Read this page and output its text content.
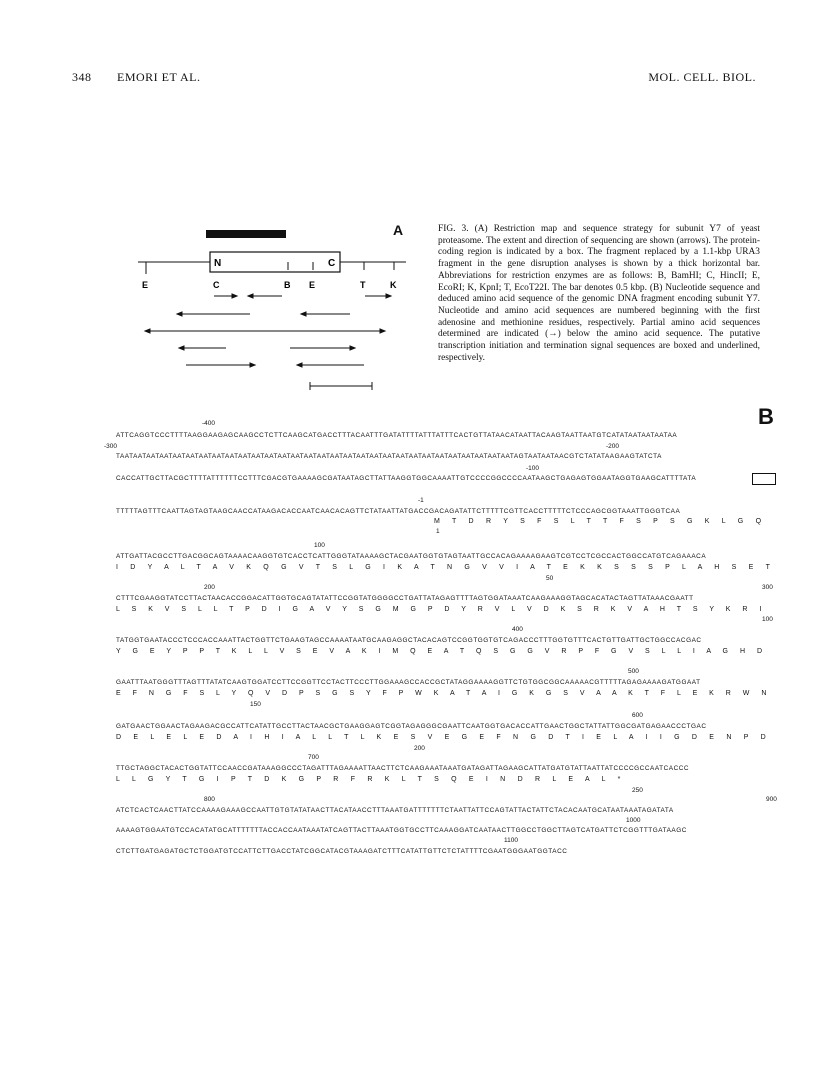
348 EMORI ET AL.	MOL. CELL. BIOL.
N	C
E	C	B E	T	K
A	FIG. 3. (A) Restriction map and sequence strategy for subunit Y7 of yeast proteasome. The extent and direction of sequencing are shown (arrows). The protein-coding region is indicated by a box. The fragment replaced by a 1.1-kbp URA3 fragment in the gene disruption analyses is shown by a thick horizontal bar. Abbreviations for restriction enzymes are as follows: B, BamHI; C, HincII; E, EcoRI; K, KpnI; T, EcoT22I. The bar denotes 0.5 kbp. (B) Nucleotide sequence and deduced amino acid sequence of the genomic DNA fragment encoding subunit Y7. Nucleotide and amino acid sequences are numbered beginning with the first adenosine and methionine residues, respectively. Partial amino acid sequences determined are indicated (→) below the amino acid sequence. The putative transcription initiation and termination signal sequences are boxed and underlined, respectively.
B
-400
ATTCAGGTCCCTTTTAAGGAAGAGCAAGCCTCTTCAAGCATGACCTTTACAATTTGATATTTTATTTATTTCACTGTTATAACATAATTACAAGTAATTAATGTCATATAATAATAATAA
-300	-200
TAATAATAATAATAATAATAATAATAATAATAATAATAATAATAATAATAATAATAATAATAATAATAATAATAATAATAATAATAATAATAGTAATAATAACGTCTATATAAGAAGTATCTA
-100
CACCATTGCTTACGCTTTTATTTTTTCCTTTCGACGTGAAAAGCGATAATAGCTTATTAAGGTGGCAAAATTGTCCCCGGCCCCAATAAGCTGAGAGTGGAATAGGTGAAGCATTTTATA
-1
TTTTTAGTTTCAATTAGTAGTAAGCAACCATAAGACACCAATCAACACAGTTCTATAATTATGACCGACAGATATTCTTTTTCGTTCACCTTTTTCTCCCAGCGGTAAATTGGGTCAA
M T D R Y S F S L T T F S P S G K L G Q
1
100
ATTGATTACGCCTTGACGGCAGTAAAACAAGGTGTCACCTCATTGGGTATAAAAGCTACGAATGGTGTAGTAATTGCCACAGAAAAGAAGTCGTCCTCGCCACTGGCCATGTCAGAAACA
I D Y A L T A V K Q G V T S L G I K A T N G V V I A T E K K S S S P L A H S E T
50
200	300
CTTTCGAAGGTATCCTTACTAACACCGGACATTGGTGCAGTATATTCCGGTATGGGGCCTGATTATAGAGTTTTAGTGGATAAATCAAGAAAGGTAGCACATACTAGTTATAAACGAATT
L S K V S L L T P D I G A V Y S G M G P D Y R V L V D K S R K V A H T S Y K R I
100
400
TATGGTGAATACCCTCCCACCAAATTACTGGTTCTGAAGTAGCCAAAATAATGCAAGAGGCTACACAGTCCGGTGGTGTCAGACCCTTTGGTGTTTCACTGTTGATTGCTGGCCACGAC
Y G E Y P P T K L L V S E V A K I M Q E A T Q S G G V R P F G V S L L I A G H D
500
GAATTTAATGGGTTTAGTTTATATCAAGTGGATCCTTCCGGTTCCTACTTCCCTTGGAAAGCCACCGCTATAGGAAAAGGTTCTGTGGCGGCAAAAACGTTTTTAGAGAAAAGATGGAAT
E F N G F S L Y Q V D P S G S Y F P W K A T A I G K G S V A A K T F L E K R W N
150
600
GATGAACTGGAACTAGAAGACGCCATTCATATTGCCTTACTAACGCTGAAGGAGTCGGTAGAGGGCGAATTCAATGGTGACACCATTGAACTGGCTATTATTGGCGATGAGAACCCTGAC
D E L E L E D A I H I A L L T L K E S V E G E F N G D T I E L A I I G D E N P D
200
700
TTGCTAGGCTACACTGGTATTCCAACCGATAAAGGCCCTAGATTTAGAAAATTAACTTCTCAAGAAATAAATGATAGATTAGAAGCATTATGATGTATTAATTATCCCCGCCAATCACCC
L L G Y T G I P T D K G P R F R K L T S Q E I N D R L E A L *
250
800	900
ATCTCACTCAACTTATCCAAAAGAAAGCCAATTGTGTATATAACTTACATAACCTTTAAATGATTTTTTTCTAATTATTCCAGTATTACTATTCTACACAATGCATAATAAATAGATATA
1000
AAAAGTGGAATGTCCACATATGCATTTTTTTACCACCAATAAATATCAGTTACTTAAATGGTGCCTTCAAAGGATCAATAACTTGGCCTGGCTTAGTCATGATTCTCGGTTTGATAAGC
1100
CTCTTGATGAGATGCTCTGGATGTCCATTCTTGACCTATCGGCATACGTAAAGATCTTTCATATTGTTCTCTATTTTCGAATGGGAATGGTACC
